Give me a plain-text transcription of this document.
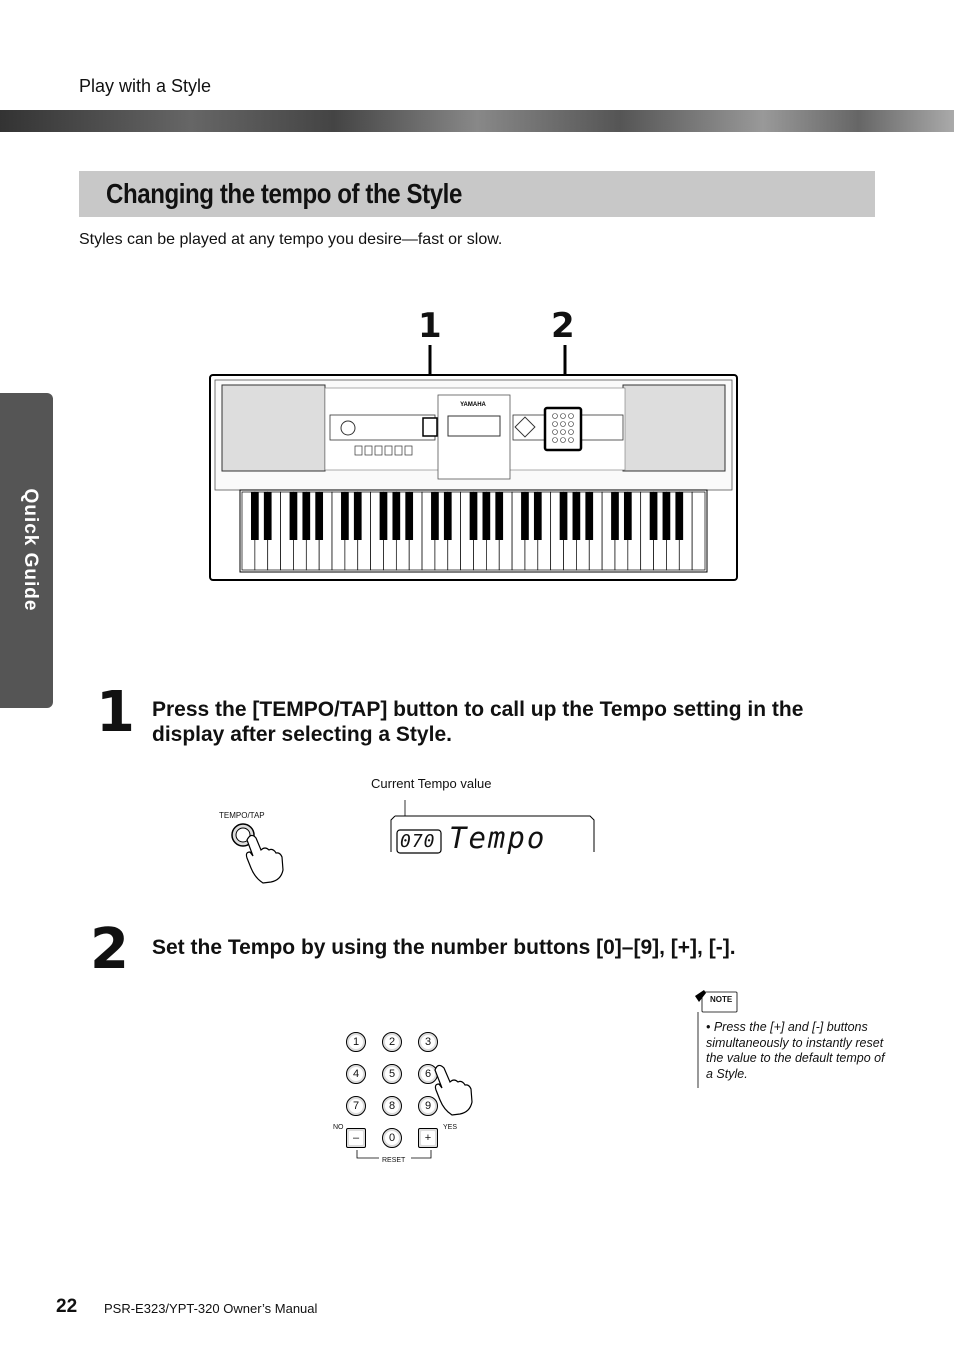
Play with a Style
Quick Guide
Changing the tempo of the Style
Styles can be played at any tempo you desire—fast or slow.
1	2
YAMAHA
1 Press the [TEMPO/TAP] button to call up the Tempo setting in the
display after selecting a Style.
Current Tempo value
TEMPO/TAP
070 Tempo
2 Set the Tempo by using the number buttons [0]–[9], [+], [-].
1	2	3
4	5	6
7	8	9
–	0	+
NO	YES
RESET
NOTE
• Press the [+] and [-] buttons simultaneously to instantly reset the value to the default tempo of a Style.
22 PSR-E323/YPT-320 Owner’s Manual
